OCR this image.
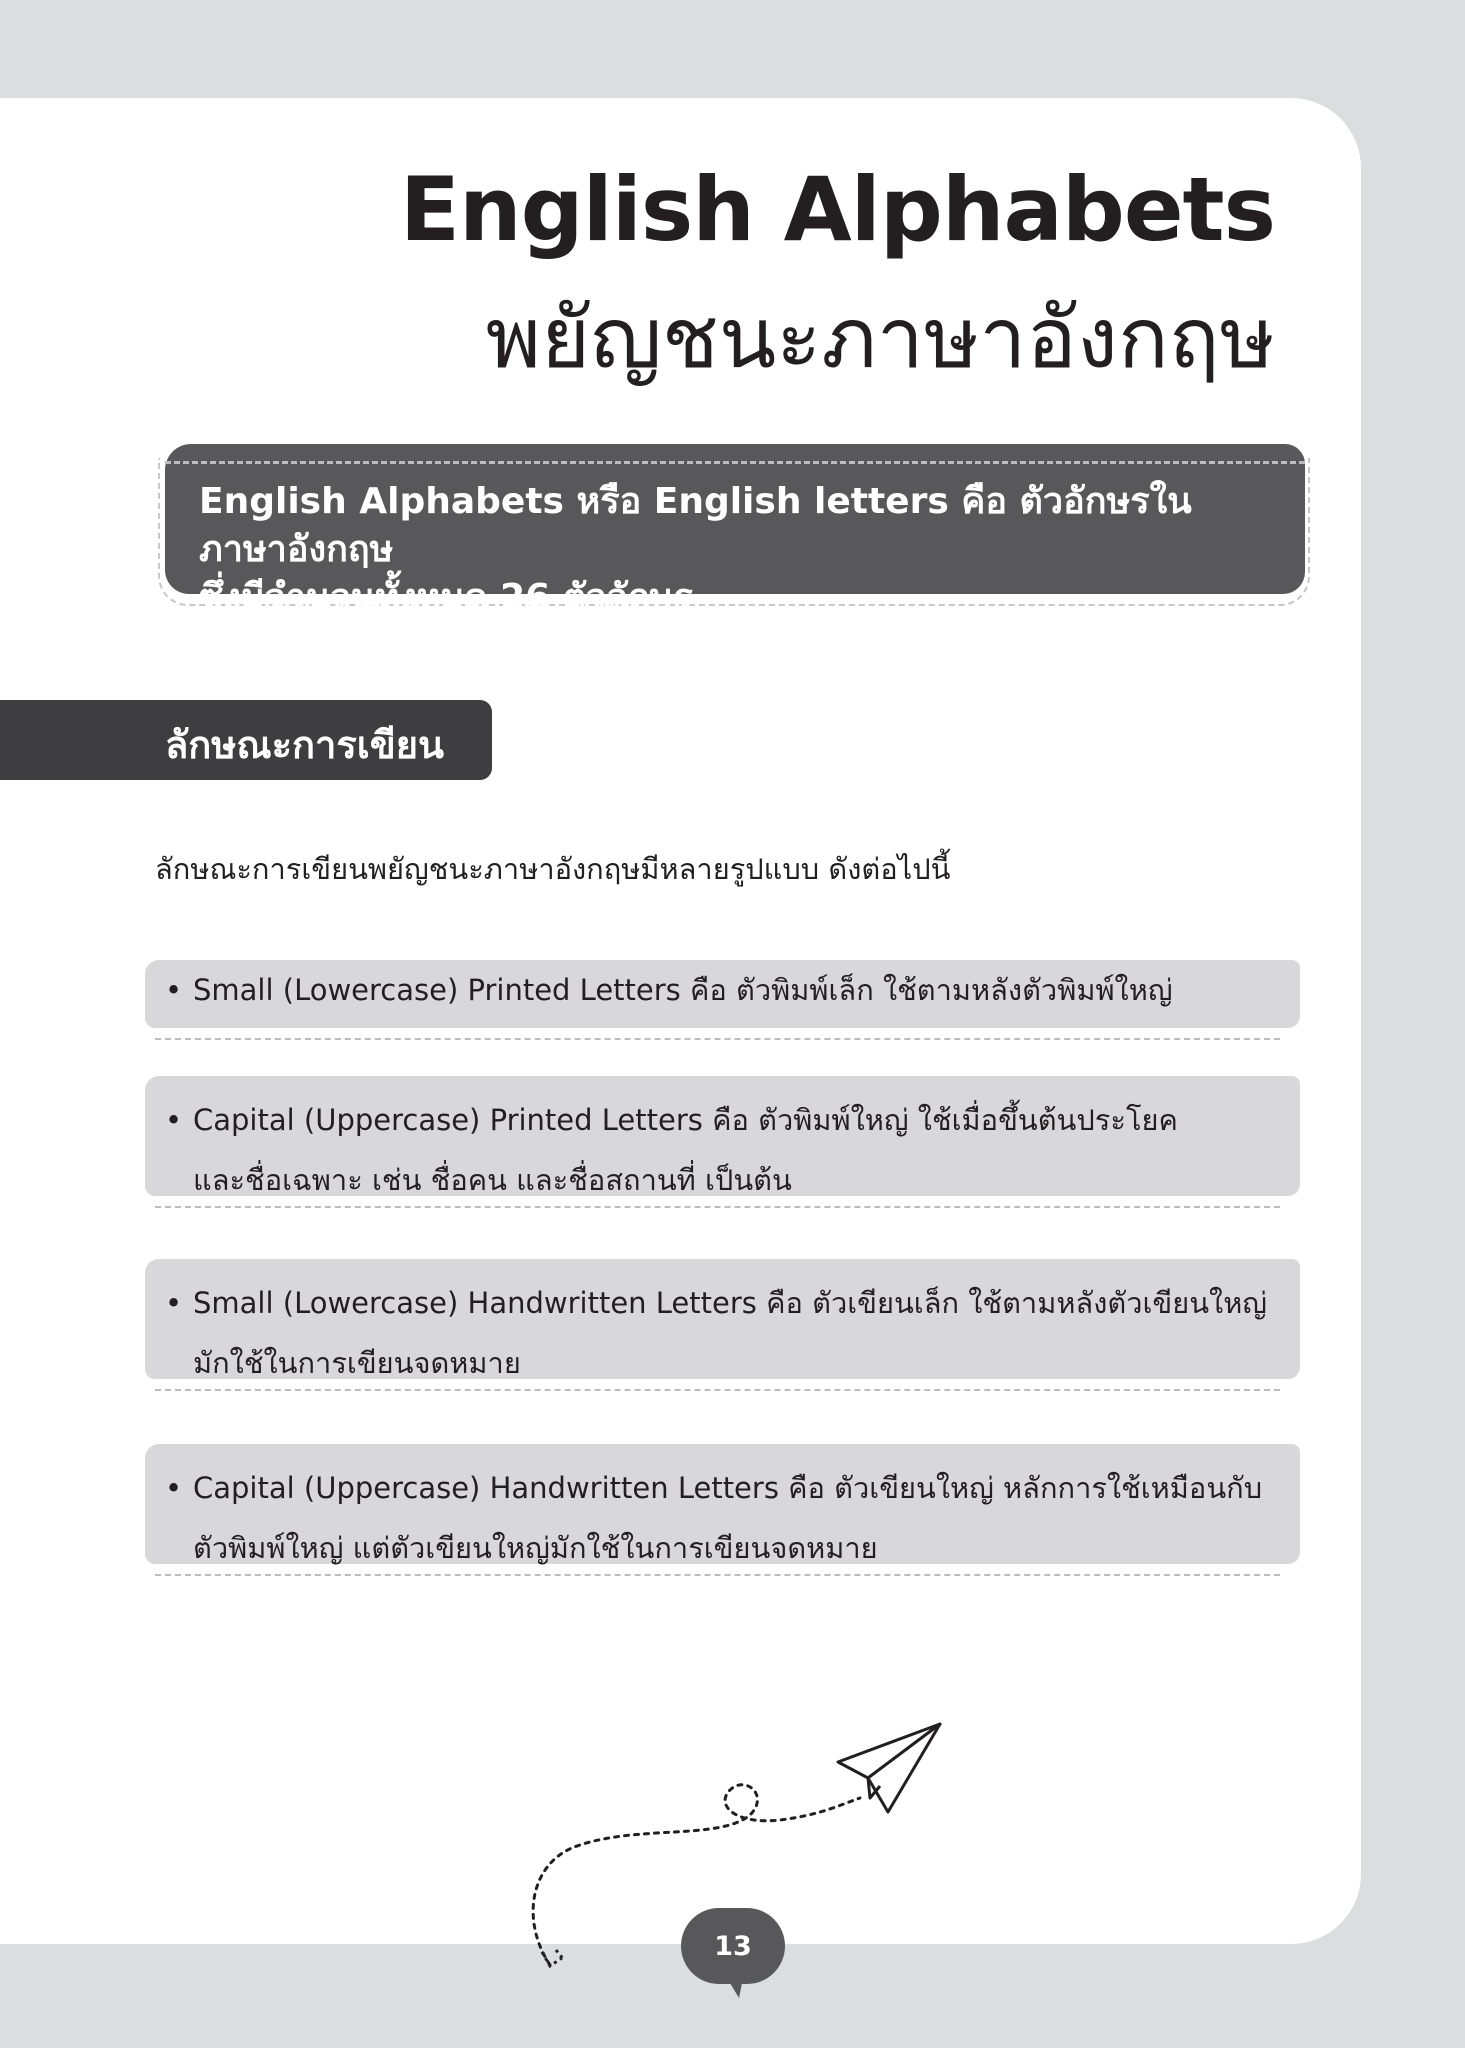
English Alphabets
พยัญชนะภาษาอังกฤษ

English Alphabets หรือ English letters คือ ตัวอักษรในภาษาอังกฤษ
ซึ่งมีจำนวนทั้งหมด 26 ตัวอักษร

ลักษณะการเขียน

ลักษณะการเขียนพยัญชนะภาษาอังกฤษมีหลายรูปแบบ ดังต่อไปนี้

• Small (Lowercase) Printed Letters คือ ตัวพิมพ์เล็ก ใช้ตามหลังตัวพิมพ์ใหญ่

• Capital (Uppercase) Printed Letters คือ ตัวพิมพ์ใหญ่ ใช้เมื่อขึ้นต้นประโยค
และชื่อเฉพาะ เช่น ชื่อคน และชื่อสถานที่ เป็นต้น

• Small (Lowercase) Handwritten Letters คือ ตัวเขียนเล็ก ใช้ตามหลังตัวเขียนใหญ่
มักใช้ในการเขียนจดหมาย

• Capital (Uppercase) Handwritten Letters คือ ตัวเขียนใหญ่ หลักการใช้เหมือนกับ
ตัวพิมพ์ใหญ่ แต่ตัวเขียนใหญ่มักใช้ในการเขียนจดหมาย

13
